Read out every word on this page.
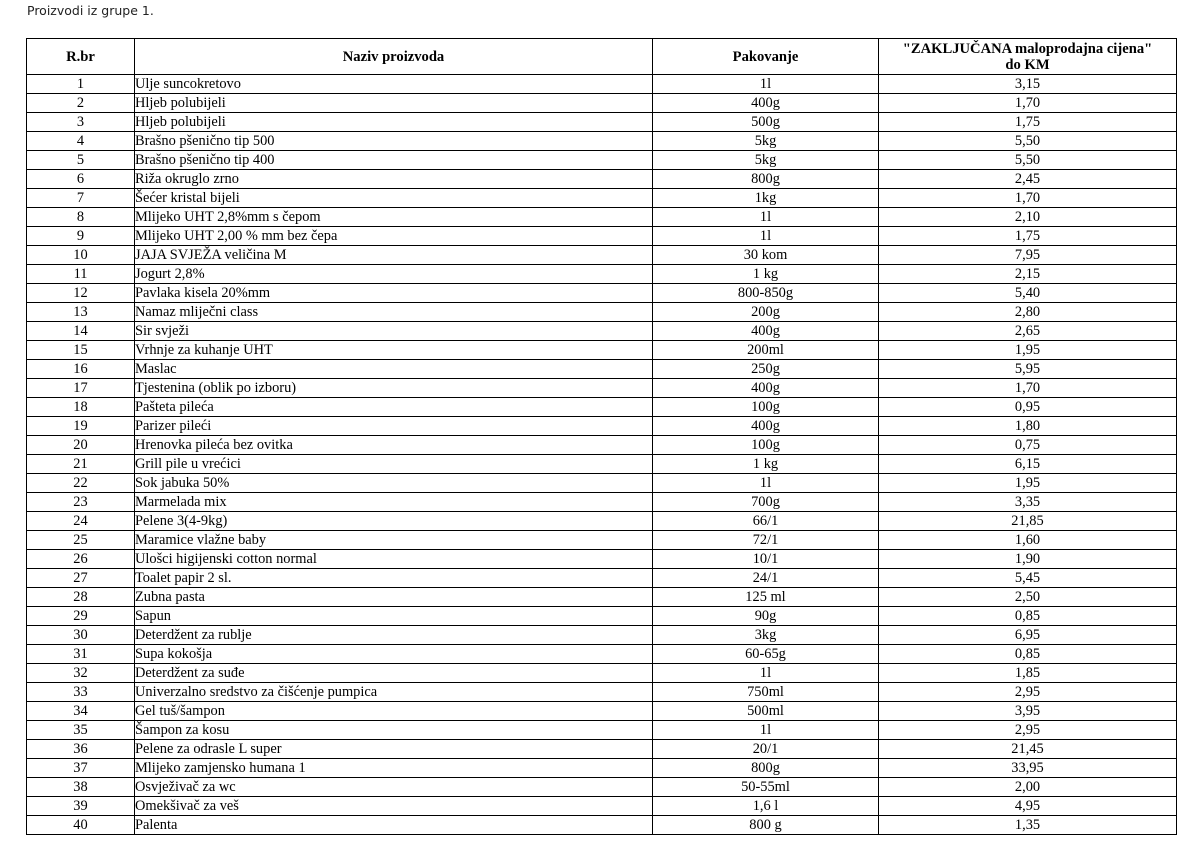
Proizvodi iz grupe 1.
R.br	Naziv proizvoda	Pakovanje	"ZAKLJUČANA maloprodajna cijena"
do KM
1	Ulje suncokretovo	1l	3,15
2	Hljeb polubijeli	400g	1,70
3	Hljeb polubijeli	500g	1,75
4	Brašno pšenično tip 500	5kg	5,50
5	Brašno pšenično tip 400	5kg	5,50
6	Riža okruglo zrno	800g	2,45
7	Šećer kristal bijeli	1kg	1,70
8	Mlijeko UHT 2,8%mm s čepom	1l	2,10
9	Mlijeko UHT 2,00 % mm bez čepa	1l	1,75
10	JAJA SVJEŽA veličina M	30 kom	7,95
11	Jogurt 2,8%	1 kg	2,15
12	Pavlaka kisela 20%mm	800-850g	5,40
13	Namaz mliječni class	200g	2,80
14	Sir svježi	400g	2,65
15	Vrhnje za kuhanje UHT	200ml	1,95
16	Maslac	250g	5,95
17	Tjestenina (oblik po izboru)	400g	1,70
18	Pašteta pileća	100g	0,95
19	Parizer pileći	400g	1,80
20	Hrenovka pileća bez ovitka	100g	0,75
21	Grill pile u vrećici	1 kg	6,15
22	Sok jabuka 50%	1l	1,95
23	Marmelada mix	700g	3,35
24	Pelene 3(4-9kg)	66/1	21,85
25	Maramice vlažne baby	72/1	1,60
26	Ulošci higijenski cotton normal	10/1	1,90
27	Toalet papir 2 sl.	24/1	5,45
28	Zubna pasta	125 ml	2,50
29	Sapun	90g	0,85
30	Deterdžent za rublje	3kg	6,95
31	Supa kokošja	60-65g	0,85
32	Deterdžent za suđe	1l	1,85
33	Univerzalno sredstvo za čišćenje pumpica	750ml	2,95
34	Gel tuš/šampon	500ml	3,95
35	Šampon za kosu	1l	2,95
36	Pelene za odrasle L super	20/1	21,45
37	Mlijeko zamjensko humana 1	800g	33,95
38	Osvježivač za wc	50-55ml	2,00
39	Omekšivač za veš	1,6 l	4,95
40	Palenta	800 g	1,35
